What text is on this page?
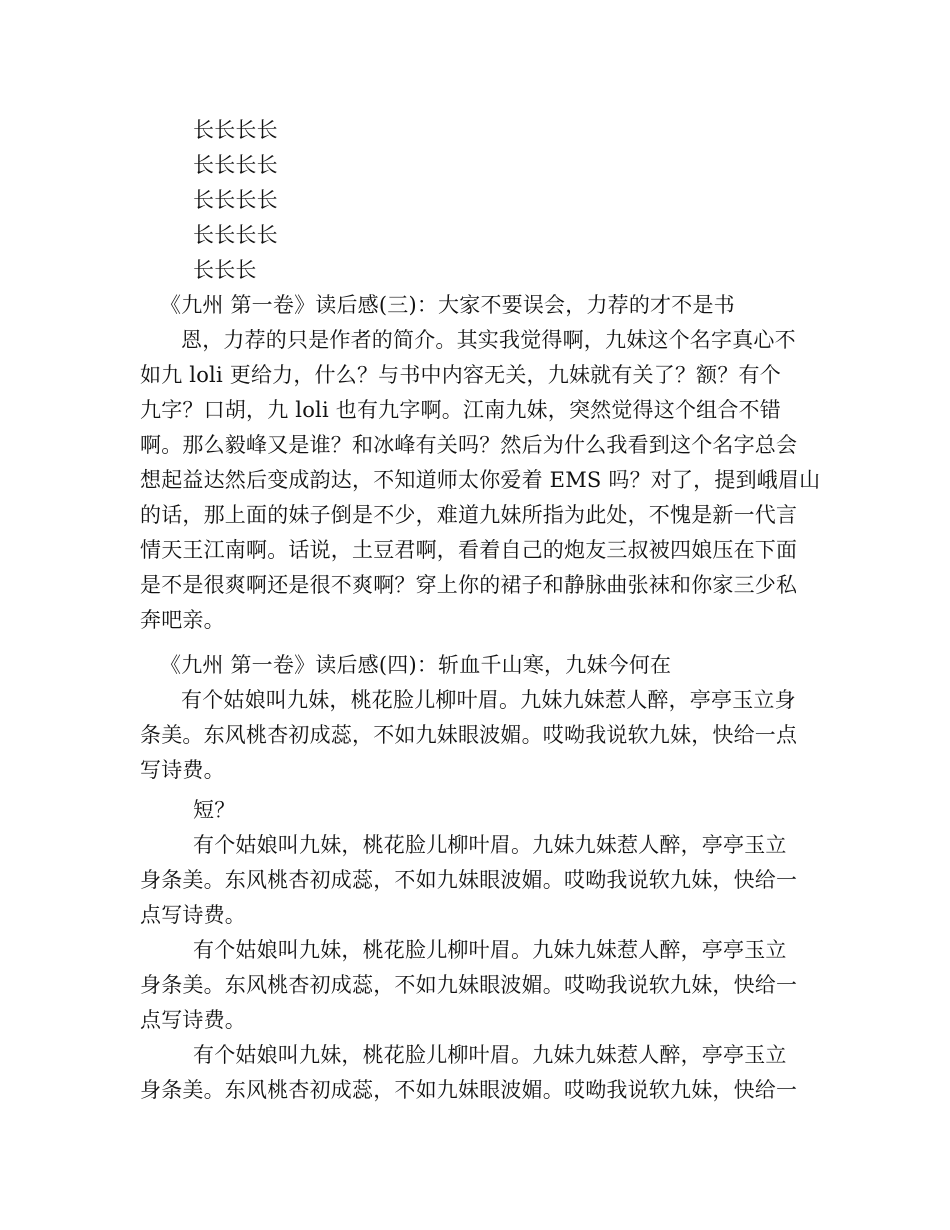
长长长长
长长长长
长长长长
长长长长
长长长
《九州 第一卷》读后感(三)：大家不要误会，力荐的才不是书
恩，力荐的只是作者的简介。其实我觉得啊，九妹这个名字真心不
如九 loli 更给力，什么？与书中内容无关，九妹就有关了？额？有个
九字？口胡，九 loli 也有九字啊。江南九妹，突然觉得这个组合不错
啊。那么毅峰又是谁？和冰峰有关吗？然后为什么我看到这个名字总会
想起益达然后变成韵达，不知道师太你爱着 EMS 吗？对了，提到峨眉山
的话，那上面的妹子倒是不少，难道九妹所指为此处，不愧是新一代言
情天王江南啊。话说，土豆君啊，看着自己的炮友三叔被四娘压在下面
是不是很爽啊还是很不爽啊？穿上你的裙子和静脉曲张袜和你家三少私
奔吧亲。
《九州 第一卷》读后感(四)：斩血千山寒，九妹今何在
有个姑娘叫九妹，桃花脸儿柳叶眉。九妹九妹惹人醉，亭亭玉立身
条美。东风桃杏初成蕊，不如九妹眼波媚。哎呦我说软九妹，快给一点
写诗费。
短？
有个姑娘叫九妹，桃花脸儿柳叶眉。九妹九妹惹人醉，亭亭玉立
身条美。东风桃杏初成蕊，不如九妹眼波媚。哎呦我说软九妹，快给一
点写诗费。
有个姑娘叫九妹，桃花脸儿柳叶眉。九妹九妹惹人醉，亭亭玉立
身条美。东风桃杏初成蕊，不如九妹眼波媚。哎呦我说软九妹，快给一
点写诗费。
有个姑娘叫九妹，桃花脸儿柳叶眉。九妹九妹惹人醉，亭亭玉立
身条美。东风桃杏初成蕊，不如九妹眼波媚。哎呦我说软九妹，快给一
